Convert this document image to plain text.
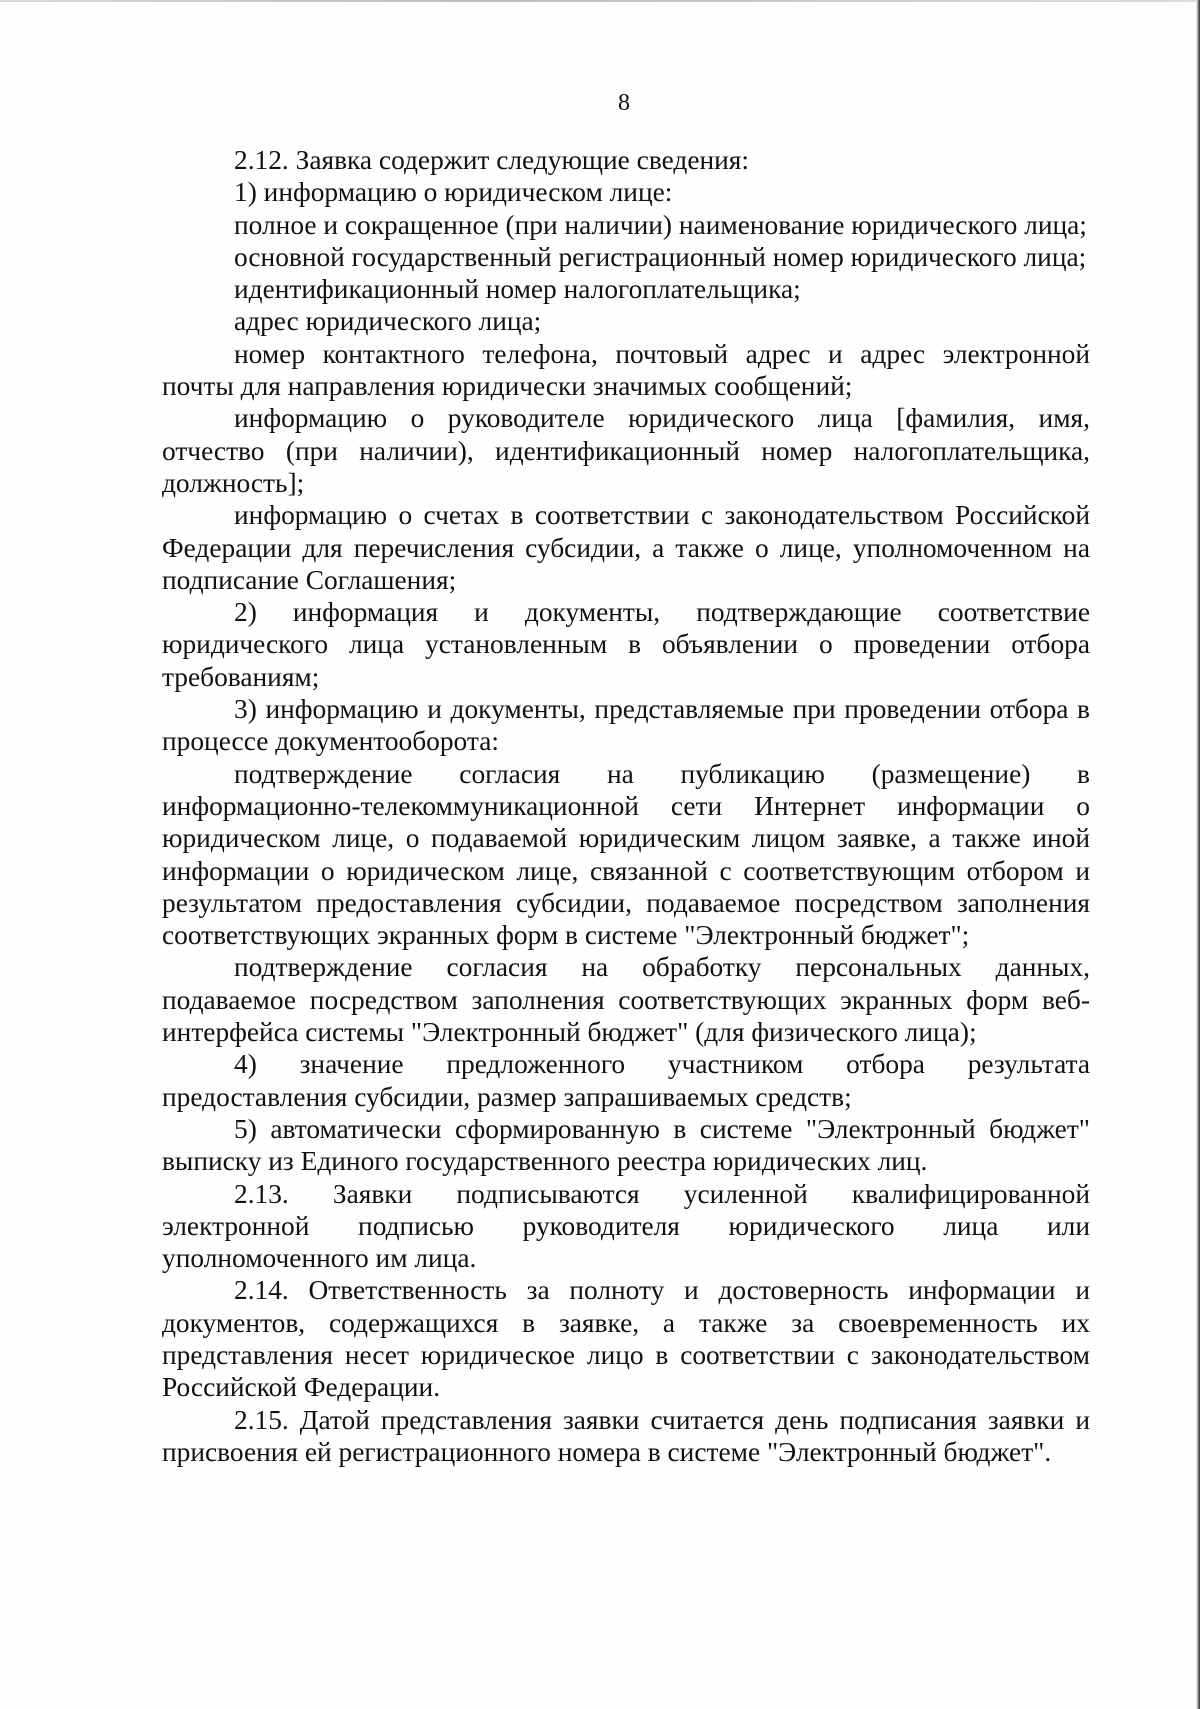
8

2.12. Заявка содержит следующие сведения:

1) информацию о юридическом лице:

полное и сокращенное (при наличии) наименование юридического лица;

основной государственный регистрационный номер юридического лица;

идентификационный номер налогоплательщика;

адрес юридического лица;

номер контактного телефона, почтовый адрес и адрес электронной почты для направления юридически значимых сообщений;

информацию о руководителе юридического лица [фамилия, имя, отчество (при наличии), идентификационный номер налогоплательщика, должность];

информацию о счетах в соответствии с законодательством Российской Федерации для перечисления субсидии, а также о лице, уполномоченном на подписание Соглашения;

2) информация и документы, подтверждающие соответствие юридического лица установленным в объявлении о проведении отбора требованиям;

3) информацию и документы, представляемые при проведении отбора в процессе документооборота:

подтверждение согласия на публикацию (размещение) в информационно-телекоммуникационной сети Интернет информации о юридическом лице, о подаваемой юридическим лицом заявке, а также иной информации о юридическом лице, связанной с соответствующим отбором и результатом предоставления субсидии, подаваемое посредством заполнения соответствующих экранных форм в системе "Электронный бюджет";

подтверждение согласия на обработку персональных данных, подаваемое посредством заполнения соответствующих экранных форм веб-интерфейса системы "Электронный бюджет" (для физического лица);

4) значение предложенного участником отбора результата предоставления субсидии, размер запрашиваемых средств;

5) автоматически сформированную в системе "Электронный бюджет" выписку из Единого государственного реестра юридических лиц.

2.13. Заявки подписываются усиленной квалифицированной электронной подписью руководителя юридического лица или уполномоченного им лица.

2.14. Ответственность за полноту и достоверность информации и документов, содержащихся в заявке, а также за своевременность их представления несет юридическое лицо в соответствии с законодательством Российской Федерации.

2.15. Датой представления заявки считается день подписания заявки и присвоения ей регистрационного номера в системе "Электронный бюджет".
